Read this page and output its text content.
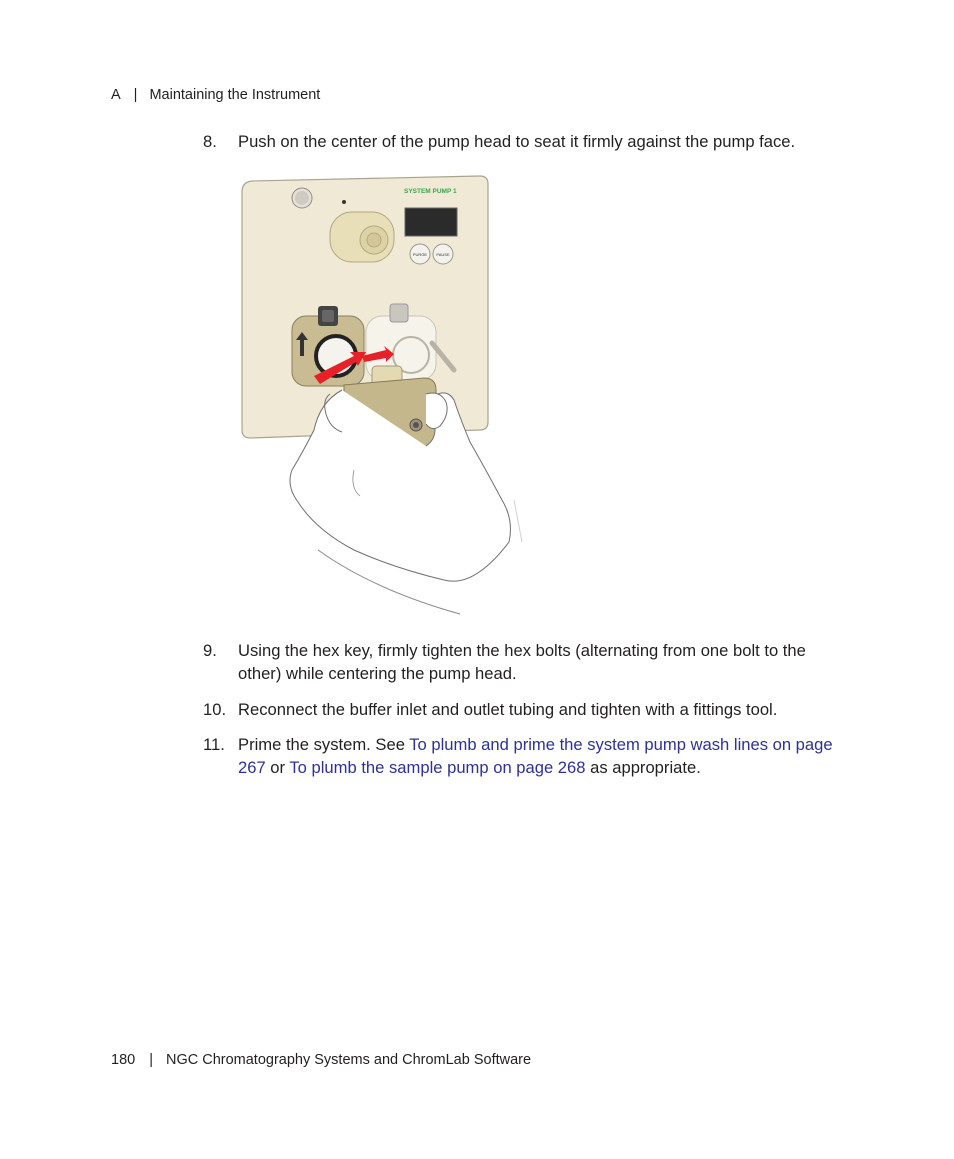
A | Maintaining the Instrument
8. Push on the center of the pump head to seat it firmly against the pump face.
SYSTEM PUMP 1
PURGE PAUSE
9. Using the hex key, firmly tighten the hex bolts (alternating from one bolt to the other) while centering the pump head.
10. Reconnect the buffer inlet and outlet tubing and tighten with a fittings tool.
11. Prime the system. See To plumb and prime the system pump wash lines on page 267 or To plumb the sample pump on page 268 as appropriate.
180 | NGC Chromatography Systems and ChromLab Software
